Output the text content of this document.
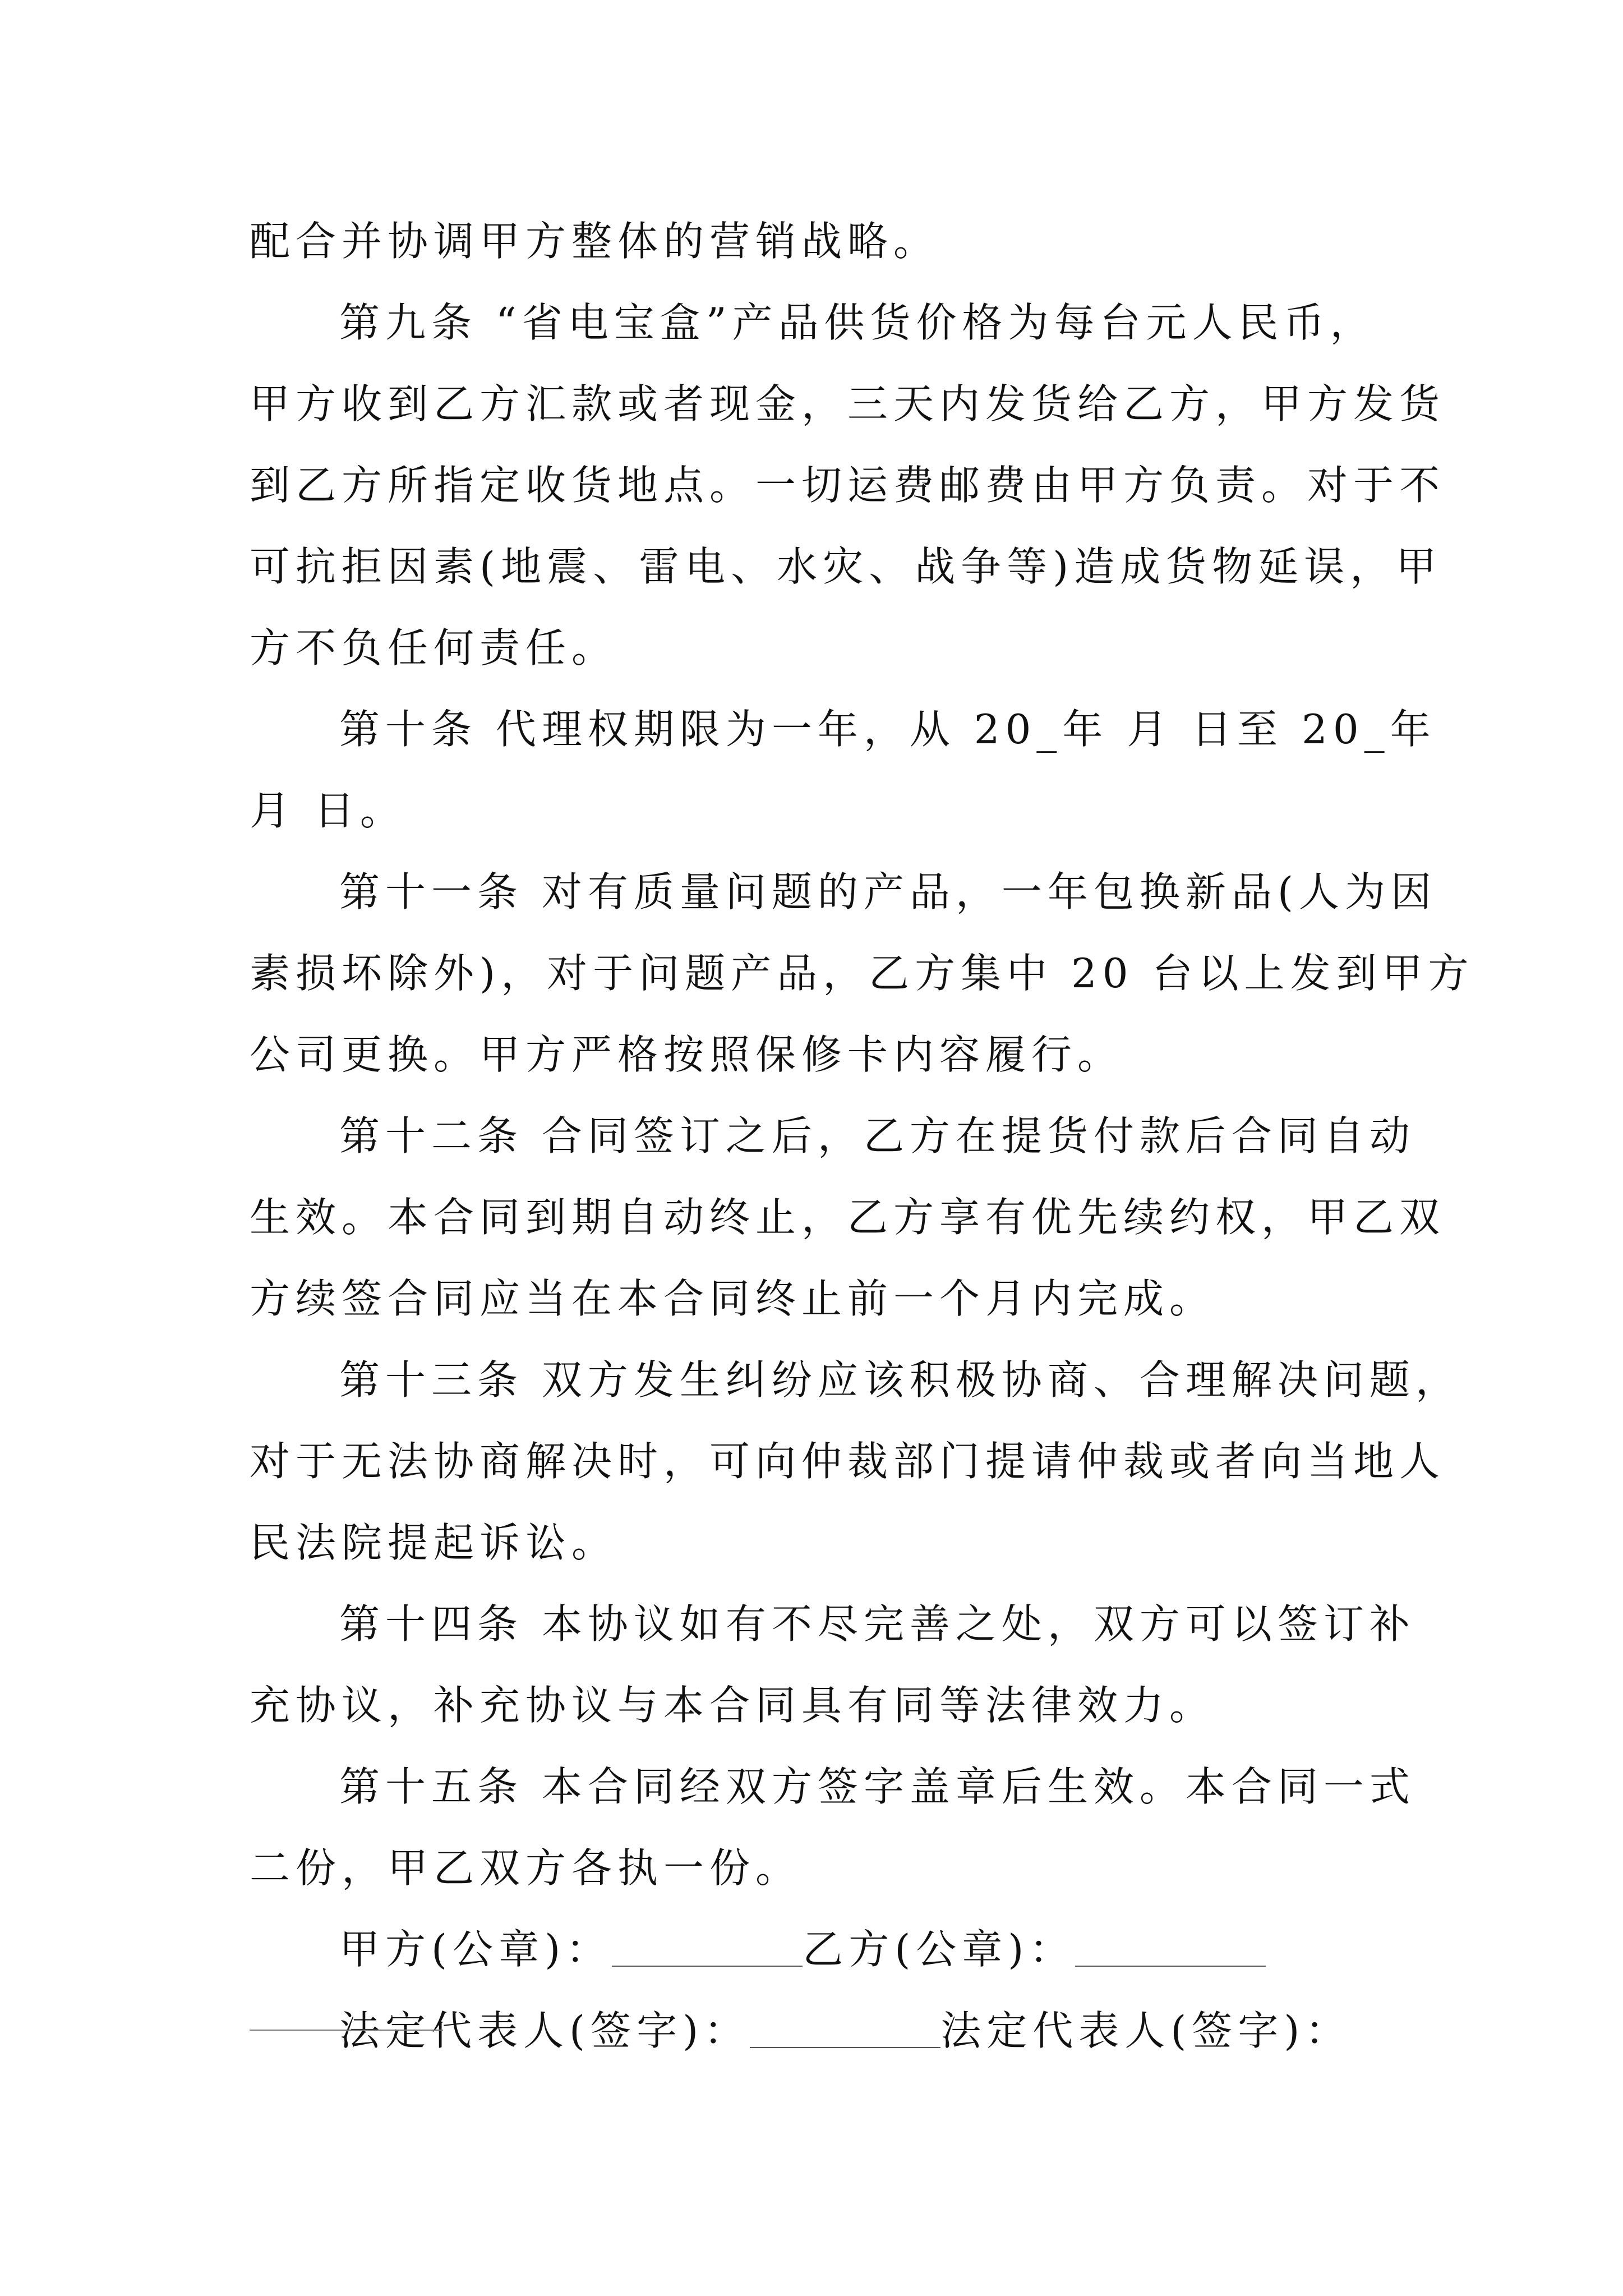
配合并协调甲方整体的营销战略。
第九条 “省电宝盒”产品供货价格为每台元人民币，
甲方收到乙方汇款或者现金，三天内发货给乙方，甲方发货
到乙方所指定收货地点。一切运费邮费由甲方负责。对于不
可抗拒因素(地震、雷电、水灾、战争等)造成货物延误，甲
方不负任何责任。
第十条 代理权期限为一年，从 20_年 月 日至 20_年
月 日。
第十一条 对有质量问题的产品，一年包换新品(人为因
素损坏除外)，对于问题产品，乙方集中 20 台以上发到甲方
公司更换。甲方严格按照保修卡内容履行。
第十二条 合同签订之后，乙方在提货付款后合同自动
生效。本合同到期自动终止，乙方享有优先续约权，甲乙双
方续签合同应当在本合同终止前一个月内完成。
第十三条 双方发生纠纷应该积极协商、合理解决问题，
对于无法协商解决时，可向仲裁部门提请仲裁或者向当地人
民法院提起诉讼。
第十四条 本协议如有不尽完善之处，双方可以签订补
充协议，补充协议与本合同具有同等法律效力。
第十五条 本合同经双方签字盖章后生效。本合同一式
二份，甲乙双方各执一份。
甲方(公章)：	乙方(公章)：
法定代表人(签字)：	法定代表人(签字)：
